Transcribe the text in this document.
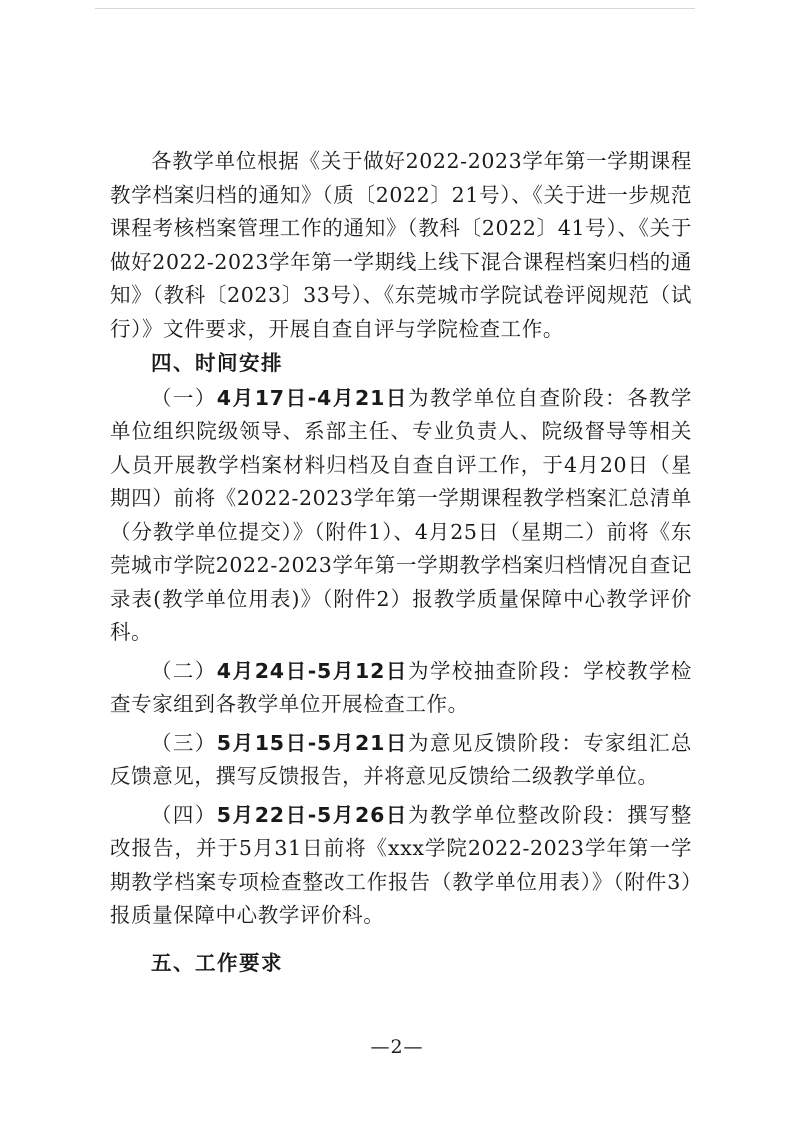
各教学单位根据《关于做好2022-2023学年第一学期课程教学档案归档的通知》（质〔2022〕21号）、《关于进一步规范课程考核档案管理工作的通知》（教科〔2022〕41号）、《关于做好2022-2023学年第一学期线上线下混合课程档案归档的通知》（教科〔2023〕33号）、《东莞城市学院试卷评阅规范（试行）》文件要求，开展自查自评与学院检查工作。

四、时间安排

（一）4月17日-4月21日为教学单位自查阶段：各教学单位组织院级领导、系部主任、专业负责人、院级督导等相关人员开展教学档案材料归档及自查自评工作，于4月20日（星期四）前将《2022-2023学年第一学期课程教学档案汇总清单（分教学单位提交）》（附件1）、4月25日（星期二）前将《东莞城市学院2022-2023学年第一学期教学档案归档情况自查记录表(教学单位用表)》（附件2）报教学质量保障中心教学评价科。

（二）4月24日-5月12日为学校抽查阶段：学校教学检查专家组到各教学单位开展检查工作。

（三）5月15日-5月21日为意见反馈阶段：专家组汇总反馈意见，撰写反馈报告，并将意见反馈给二级教学单位。

（四）5月22日-5月26日为教学单位整改阶段：撰写整改报告，并于5月31日前将《xxx学院2022-2023学年第一学期教学档案专项检查整改工作报告（教学单位用表）》（附件3）报质量保障中心教学评价科。

五、工作要求

—2—
